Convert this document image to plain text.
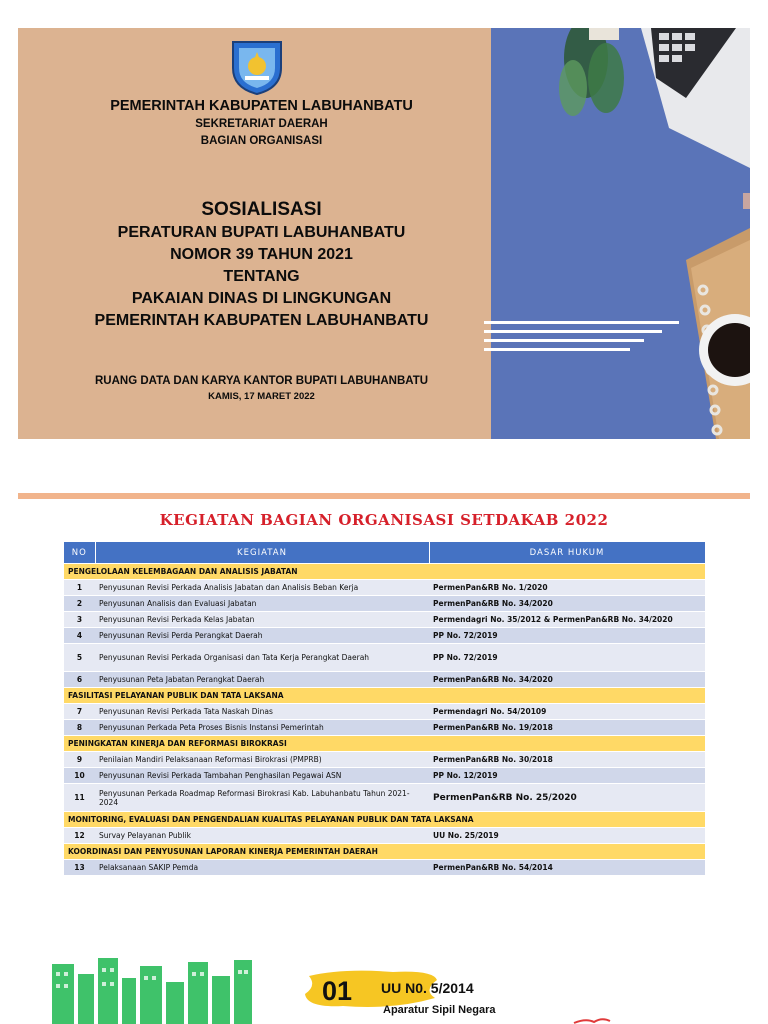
PEMERINTAH KABUPATEN LABUHANBATU

SEKRETARIAT DAERAH

BAGIAN ORGANISASI

SOSIALISASI

PERATURAN BUPATI LABUHANBATU

NOMOR 39 TAHUN 2021

TENTANG

PAKAIAN DINAS DI LINGKUNGAN

PEMERINTAH KABUPATEN LABUHANBATU

RUANG DATA DAN KARYA KANTOR BUPATI LABUHANBATU

KAMIS, 17 MARET 2022

KEGIATAN BAGIAN ORGANISASI SETDAKAB 2022
NO	KEGIATAN	DASAR HUKUM
PENGELOLAAN KELEMBAGAAN DAN ANALISIS JABATAN		
1	Penyusunan Revisi Perkada Analisis Jabatan dan Analisis Beban Kerja	PermenPan&RB No. 1/2020
2	Penyusunan Analisis dan Evaluasi Jabatan	PermenPan&RB No. 34/2020
3	Penyusunan Revisi Perkada Kelas Jabatan	Permendagri No. 35/2012 & PermenPan&RB No. 34/2020
4	Penyusunan Revisi Perda Perangkat Daerah	PP No. 72/2019
5	Penyusunan Revisi Perkada Organisasi dan Tata Kerja Perangkat Daerah	PP No. 72/2019
6	Penyusunan Peta Jabatan Perangkat Daerah	PermenPan&RB No. 34/2020
FASILITASI PELAYANAN PUBLIK DAN TATA LAKSANA		
7	Penyusunan Revisi Perkada Tata Naskah Dinas	Permendagri No. 54/20109
8	Penyusunan Perkada Peta Proses Bisnis Instansi Pemerintah	PermenPan&RB No. 19/2018
PENINGKATAN KINERJA DAN REFORMASI BIROKRASI		
9	Penilaian Mandiri Pelaksanaan Reformasi Birokrasi (PMPRB)	PermenPan&RB No. 30/2018
10	Penyusunan Revisi Perkada Tambahan Penghasilan Pegawai ASN	PP No. 12/2019
11	Penyusunan Perkada Roadmap Reformasi Birokrasi Kab. Labuhanbatu Tahun 2021-2024	PermenPan&RB No. 25/2020
MONITORING, EVALUASI DAN PENGENDALIAN KUALITAS PELAYANAN PUBLIK DAN TATA LAKSANA		
12	Survay Pelayanan Publik	UU No. 25/2019
KOORDINASI DAN PENYUSUNAN LAPORAN KINERJA PEMERINTAH DAERAH		
13	Pelaksanaan SAKIP Pemda	PermenPan&RB No. 54/2014
01 UU N0. 5/2014
Aparatur Sipil Negara
